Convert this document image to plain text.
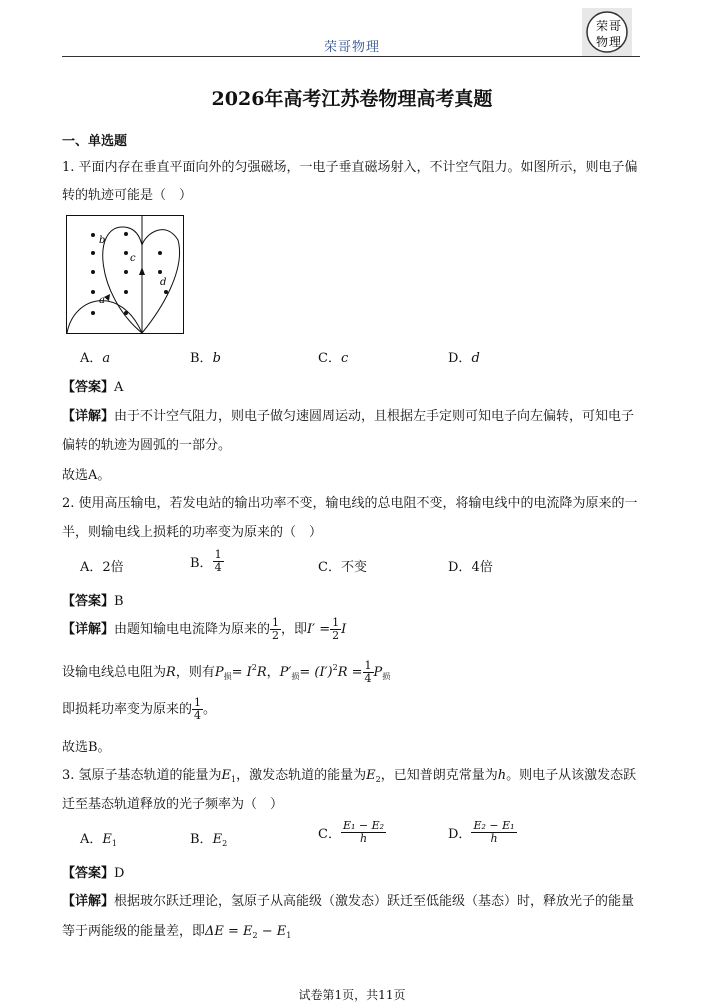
荣哥物理
荣 哥
物 理
2026年高考江苏卷物理高考真题
一、单选题
1. 平面内存在垂直平面向外的匀强磁场，一电子垂直磁场射入，不计空气阻力。如图所示，则电子偏
转的轨迹可能是（　）
b
c
d
a
A．a	B．b	C．c	D．d
【答案】A
【详解】由于不计空气阻力，则电子做匀速圆周运动，且根据左手定则可知电子向左偏转，可知电子
偏转的轨迹为圆弧的一部分。
故选A。
2. 使用高压输电，若发电站的输出功率不变，输电线的总电阻不变，将输电线中的电流降为原来的一
半，则输电线上损耗的功率变为原来的（　）
A．2倍	B． $\frac{1}{4}$	C．不变	D．4倍
【答案】B
【详解】由题知输电电流降为原来的 $\frac{1}{2}$ ，即$I' = \frac{1}{2}$ I
设输电线总电阻为R，则有$P_损= I^2R$，$P'_损= (I')^2R = \frac{1}{4} P_损$
即损耗功率变为原来的 $\frac{1}{4}$ 。
故选B。
3. 氢原子基态轨道的能量为$E_1$，激发态轨道的能量为$E_2$，已知普朗克常量为h。则电子从该激发态跃
迁至基态轨道释放的光子频率为（　）
A．$E_1$	B．$E_2$
C． $\frac{\text{E₁ − E₂}}{h}$	D． $\frac{\text{E₂ − E₁}}{h}$
【答案】D
【详解】根据玻尔跃迁理论，氢原子从高能级（激发态）跃迁至低能级（基态）时，释放光子的能量
等于两能级的能量差，即$\Delta E = E_2 - E_1$
试卷第1页，共11页
